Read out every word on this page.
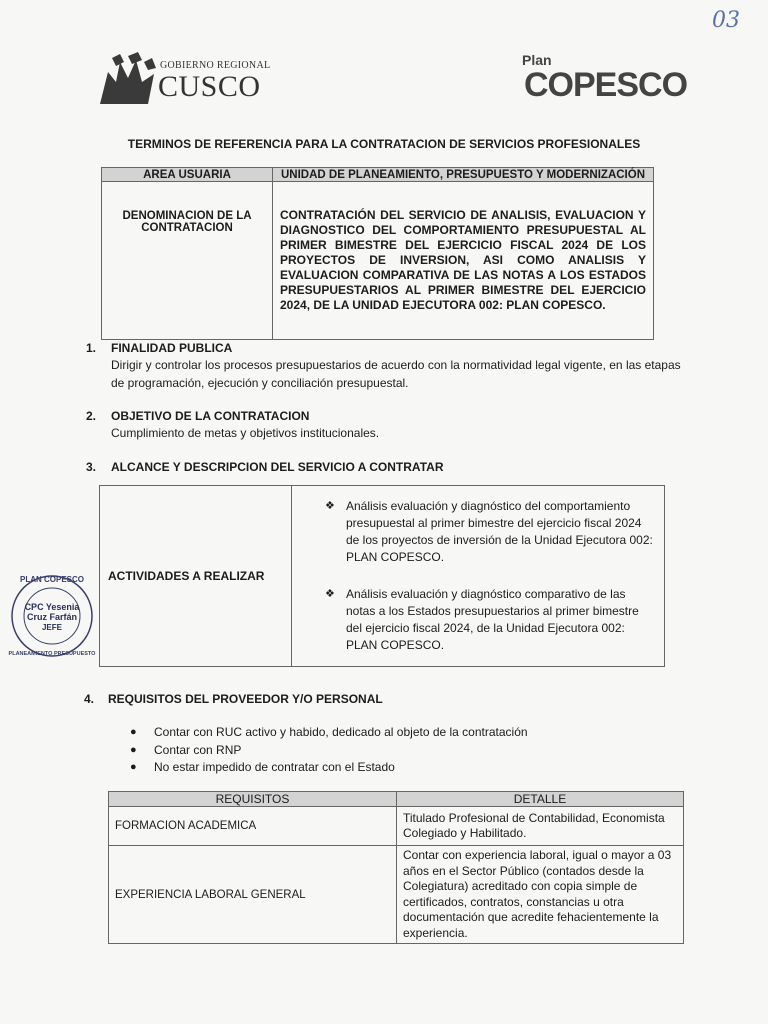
03
GOBIERNO REGIONAL
CUSCO
Plan
COPESCO
TERMINOS DE REFERENCIA PARA LA CONTRATACION DE SERVICIOS PROFESIONALES
AREA USUARIA	UNIDAD DE PLANEAMIENTO, PRESUPUESTO Y MODERNIZACIÓN
DENOMINACION DE LA CONTRATACION	CONTRATACIÓN DEL SERVICIO DE ANALISIS, EVALUACION Y DIAGNOSTICO DEL COMPORTAMIENTO PRESUPUESTAL AL PRIMER BIMESTRE DEL EJERCICIO FISCAL 2024 DE LOS PROYECTOS DE INVERSION, ASI COMO ANALISIS Y EVALUACION COMPARATIVA DE LAS NOTAS A LOS ESTADOS PRESUPUESTARIOS AL PRIMER BIMESTRE DEL EJERCICIO 2024, DE LA UNIDAD EJECUTORA 002: PLAN COPESCO.
1.	FINALIDAD PUBLICA
Dirigir y controlar los procesos presupuestarios de acuerdo con la normatividad legal vigente, en las etapas de programación, ejecución y conciliación presupuestal.
2.	OBJETIVO DE LA CONTRATACION
Cumplimiento de metas y objetivos institucionales.
3.	ALCANCE Y DESCRIPCION DEL SERVICIO A CONTRATAR
ACTIVIDADES A REALIZAR	
❖ Análisis evaluación y diagnóstico del comportamiento presupuestal al primer bimestre del ejercicio fiscal 2024 de los proyectos de inversión de la Unidad Ejecutora 002: PLAN COPESCO.
❖ Análisis evaluación y diagnóstico comparativo de las notas a los Estados presupuestarios al primer bimestre del ejercicio fiscal 2024, de la Unidad Ejecutora 002: PLAN COPESCO.
PLAN COPESCO
PLANEAMIENTO PRESUPUESTO
CPC Yesenia
Cruz Farfán
JEFE
4.	REQUISITOS DEL PROVEEDOR Y/O PERSONAL
● Contar con RUC activo y habido, dedicado al objeto de la contratación
● Contar con RNP
● No estar impedido de contratar con el Estado
REQUISITOS	DETALLE
FORMACION ACADEMICA	Titulado Profesional de Contabilidad, Economista Colegiado y Habilitado.
EXPERIENCIA LABORAL GENERAL	Contar con experiencia laboral, igual o mayor a 03 años en el Sector Público (contados desde la Colegiatura) acreditado con copia simple de certificados, contratos, constancias u otra documentación que acredite fehacientemente la experiencia.
